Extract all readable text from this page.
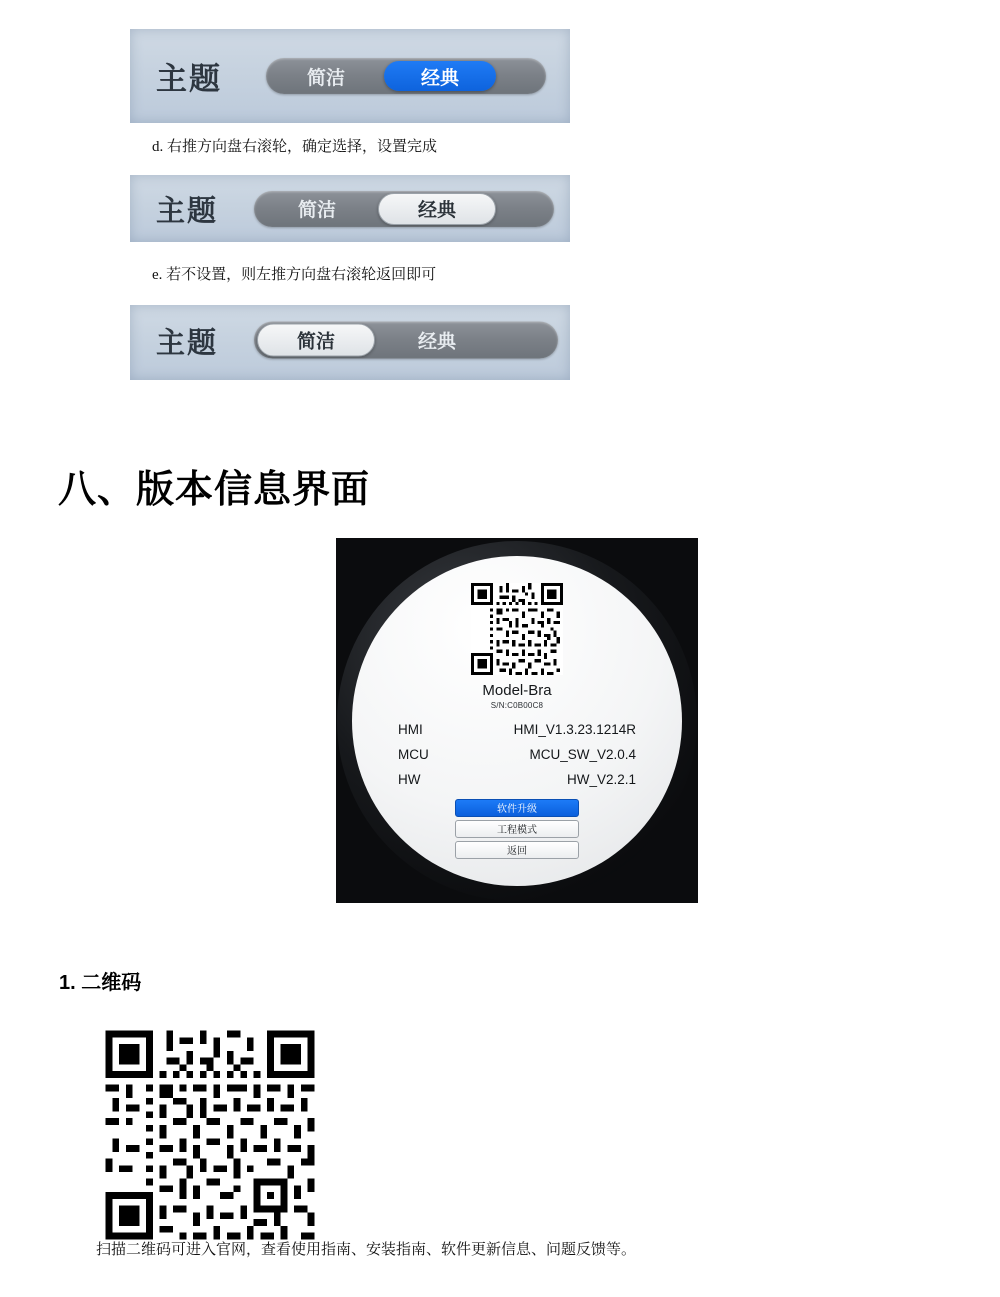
主题	简洁	经典
d. 右推方向盘右滚轮，确定选择，设置完成
主题	简洁	经典
e. 若不设置，则左推方向盘右滚轮返回即可
主题	简洁	经典
八、版本信息界面
Model-Bra
S/N:C0B00C8
HMI	HMI_V1.3.23.1214R
MCU	MCU_SW_V2.0.4
HW	HW_V2.2.1
软件升级
工程模式
返回
1. 二维码
扫描二维码可进入官网，查看使用指南、安装指南、软件更新信息、问题反馈等。
